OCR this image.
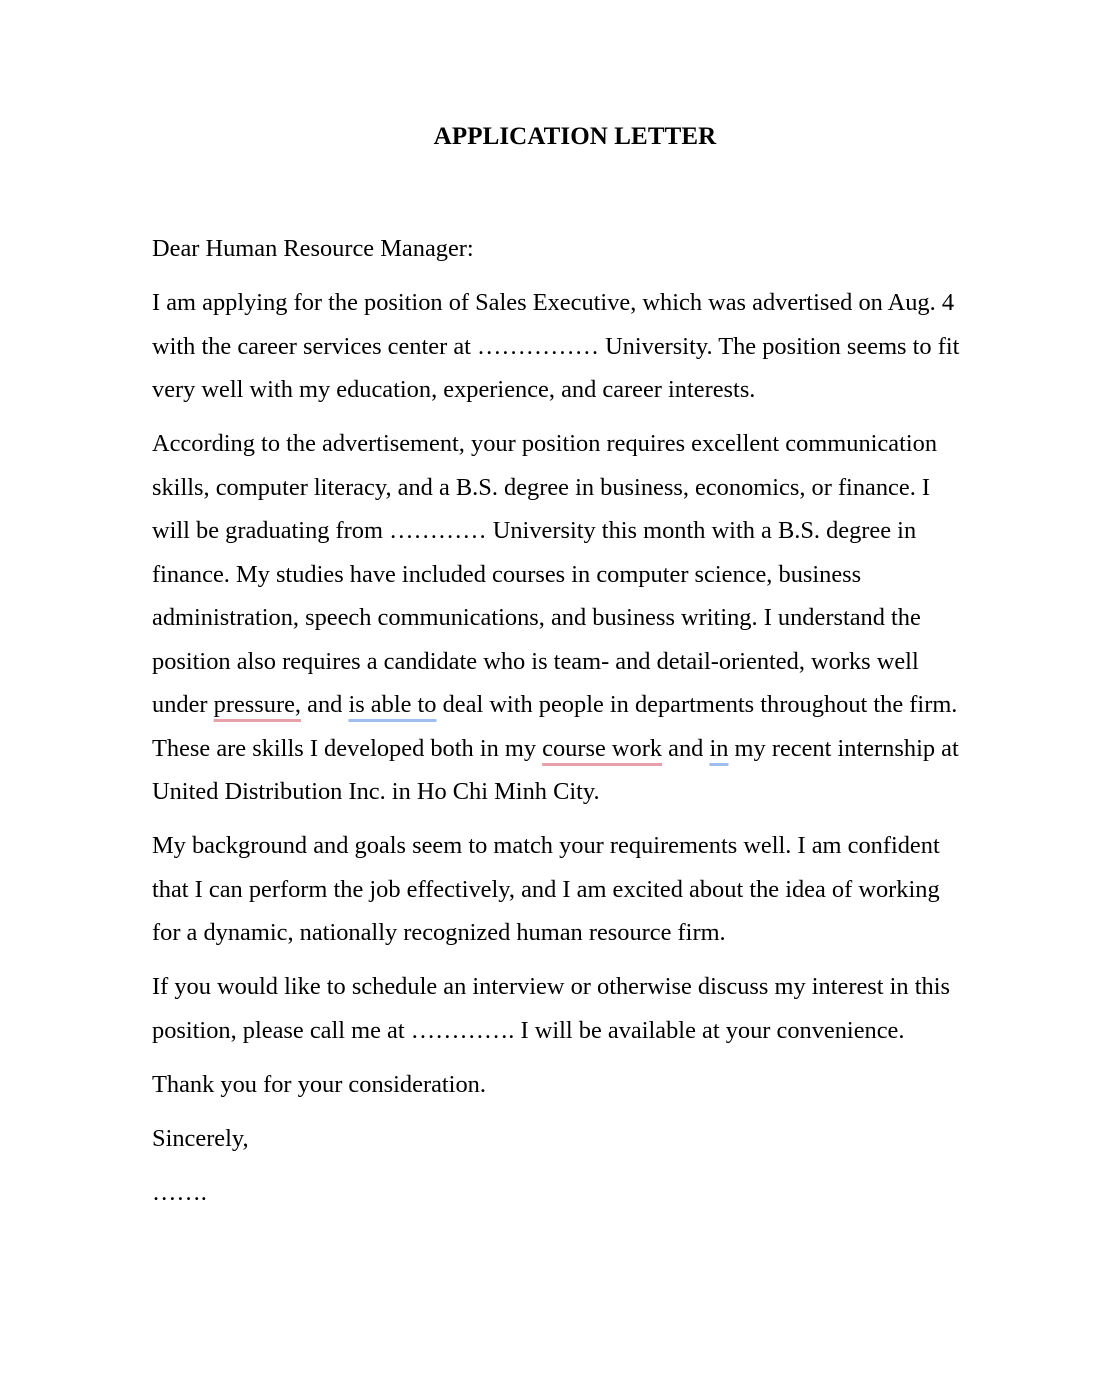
APPLICATION LETTER
Dear Human Resource Manager:
I am applying for the position of Sales Executive, which was advertised on Aug. 4
with the career services center at …………… University. The position seems to fit
very well with my education, experience, and career interests.
According to the advertisement, your position requires excellent communication
skills, computer literacy, and a B.S. degree in business, economics, or finance. I
will be graduating from ………… University this month with a B.S. degree in
finance. My studies have included courses in computer science, business
administration, speech communications, and business writing. I understand the
position also requires a candidate who is team- and detail-oriented, works well
under pressure, and is able to deal with people in departments throughout the firm.
These are skills I developed both in my course work and in my recent internship at
United Distribution Inc. in Ho Chi Minh City.
My background and goals seem to match your requirements well. I am confident
that I can perform the job effectively, and I am excited about the idea of working
for a dynamic, nationally recognized human resource firm.
If you would like to schedule an interview or otherwise discuss my interest in this
position, please call me at …………. I will be available at your convenience.
Thank you for your consideration.
Sincerely,
…….
